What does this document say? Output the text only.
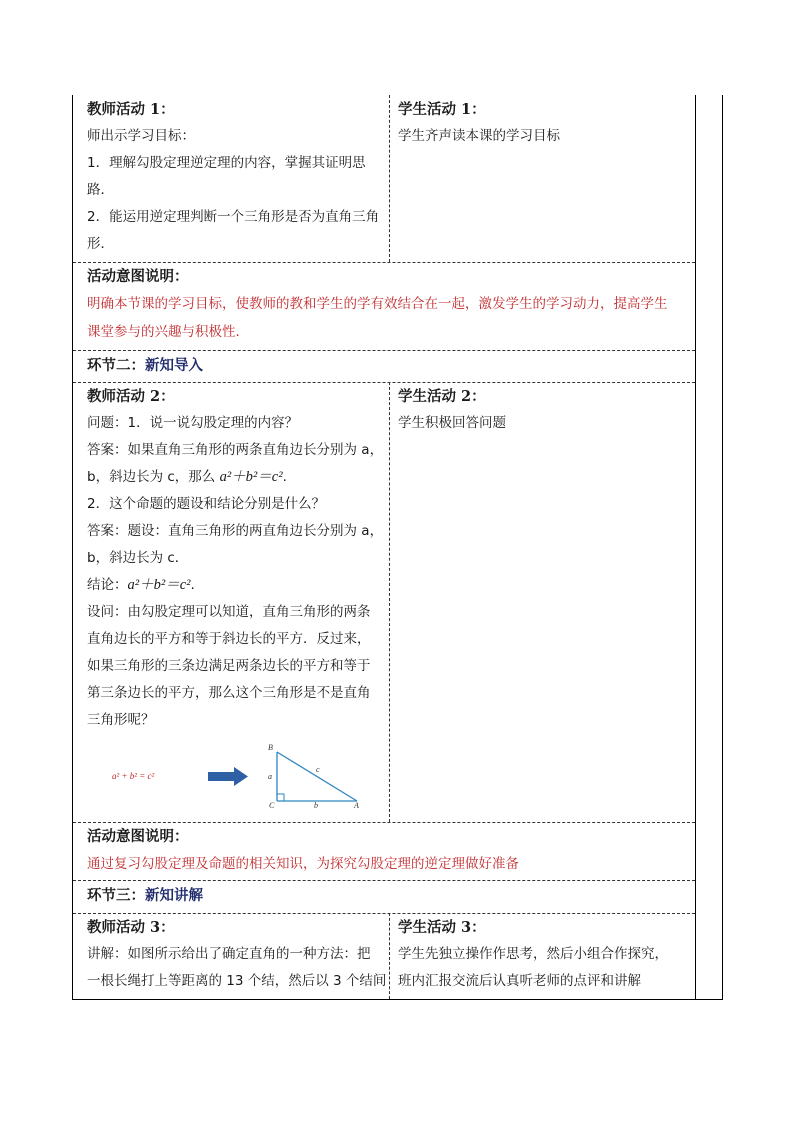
教师活动 1：

师出示学习目标：

1．理解勾股定理逆定理的内容，掌握其证明思

路．

2．能运用逆定理判断一个三角形是否为直角三角

形．

学生活动 1：

学生齐声读本课的学习目标

活动意图说明：

明确本节课的学习目标，使教师的教和学生的学有效结合在一起，激发学生的学习动力，提高学生

课堂参与的兴趣与积极性．

环节二：新知导入

教师活动 2：

问题：1．说一说勾股定理的内容？

答案：如果直角三角形的两条直角边长分别为 a，

b，斜边长为 c，那么 a²＋b²＝c².

2．这个命题的题设和结论分别是什么？

答案：题设：直角三角形的两直角边长分别为 a，

b，斜边长为 c．

结论：a²＋b²＝c².

设问：由勾股定理可以知道，直角三角形的两条

直角边长的平方和等于斜边长的平方．反过来，

如果三角形的三条边满足两条边长的平方和等于

第三条边长的平方，那么这个三角形是不是直角

三角形呢？

a² + b² = c²
B
C	A
a
b
c

学生活动 2：

学生积极回答问题

活动意图说明：

通过复习勾股定理及命题的相关知识，为探究勾股定理的逆定理做好准备

环节三：新知讲解

教师活动 3：

讲解：如图所示给出了确定直角的一种方法：把

一根长绳打上等距离的 13 个结，然后以 3 个结间

学生活动 3：

学生先独立操作作思考，然后小组合作探究，

班内汇报交流后认真听老师的点评和讲解
